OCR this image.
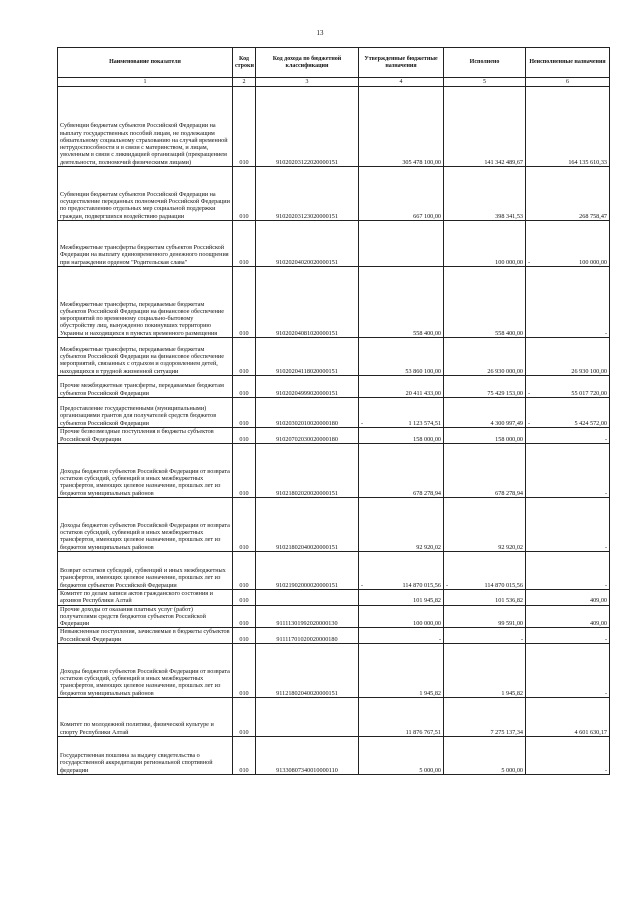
13
Наименование показателя	Код строки	Код дохода по бюджетной классификации	Утвержденные бюджетные назначения	Исполнено	Неисполненные назначения
1	2	3	4	5	6
Субвенции бюджетам субъектов Российской Федерации на выплату государственных пособий лицам, не подлежащим обязательному социальному страхованию на случай временной нетрудоспособности и в связи с материнством, и лицам, уволенным в связи с ликвидацией организаций (прекращением деятельности, полномочий физическими лицами)	010	91020203122020000151	305 478 100,00	141 342 489,67	164 135 610,33
Субвенции бюджетам субъектов Российской Федерации на осуществление переданных полномочий Российской Федерации по предоставлению отдельных мер социальной поддержки граждан, подвергшихся воздействию радиации	010	91020203123020000151	667 100,00	398 341,53	268 758,47
Межбюджетные трансферты бюджетам субъектов Российской Федерации на выплату единовременного денежного поощрения при награждении орденом "Родительская слава"	010	91020204020020000151		100 000,00	- 100 000,00
Межбюджетные трансферты, передаваемые бюджетам субъектов Российской Федерации на финансовое обеспечение мероприятий по временному социально-бытовому обустройству лиц, вынужденно покинувших территорию Украины и находящихся в пунктах временного размещения	010	91020204081020000151	558 400,00	558 400,00	-
Межбюджетные трансферты, передаваемые бюджетам субъектов Российской Федерации на финансовое обеспечение мероприятий, связанных с отдыхом и оздоровлением детей, находящихся в трудной жизненной ситуации	010	91020204118020000151	53 860 100,00	26 930 000,00	26 930 100,00
Прочие межбюджетные трансферты, передаваемые бюджетам субъектов Российской Федерации	010	91020204999020000151	20 411 433,00	75 429 153,00	- 55 017 720,00
Предоставление государственными (муниципальными) организациями грантов для получателей средств бюджетов субъектов Российской Федерации	010	91020302010020000180	- 1 123 574,51	4 300 997,49	- 5 424 572,00
Прочие безвозмездные поступления в бюджеты субъектов Российской Федерации	010	91020702030020000180	158 000,00	158 000,00	-
Доходы бюджетов субъектов Российской Федерации от возврата остатков субсидий, субвенций и иных межбюджетных трансфертов, имеющих целевое назначение, прошлых лет из бюджетов муниципальных районов	010	91021802020020000151	678 278,94	678 278,94	-
Доходы бюджетов субъектов Российской Федерации от возврата остатков субсидий, субвенций и иных межбюджетных трансфертов, имеющих целевое назначение, прошлых лет из бюджетов муниципальных районов	010	91021802040020000151	92 920,02	92 920,02	-
Возврат остатков субсидий, субвенций и иных межбюджетных трансфертов, имеющих целевое назначение, прошлых лет из бюджетов субъектов Российской Федерации	010	91021902000020000151	- 114 870 015,56	- 114 870 015,56	-
Комитет по делам записи актов гражданского состояния и архивов Республики Алтай	010		101 945,82	101 536,82	409,00
Прочие доходы от оказания платных услуг (работ) получателями средств бюджетов субъектов Российской Федерации	010	91111301992020000130	100 000,00	99 591,00	409,00
Невыясненные поступления, зачисляемые в бюджеты субъектов Российской Федерации	010	91111701020020000180	-	-	-
Доходы бюджетов субъектов Российской Федерации от возврата остатков субсидий, субвенций и иных межбюджетных трансфертов, имеющих целевое назначение, прошлых лет из бюджетов муниципальных районов	010	91121802040020000151	1 945,82	1 945,82	-
Комитет по молодежной политике, физической культуре и спорту Республики Алтай	010		11 876 767,51	7 275 137,34	4 601 630,17
Государственная пошлина за выдачу свидетельства о государственной аккредитации региональной спортивной федерации	010	91330807340010000110	5 000,00	5 000,00	-
